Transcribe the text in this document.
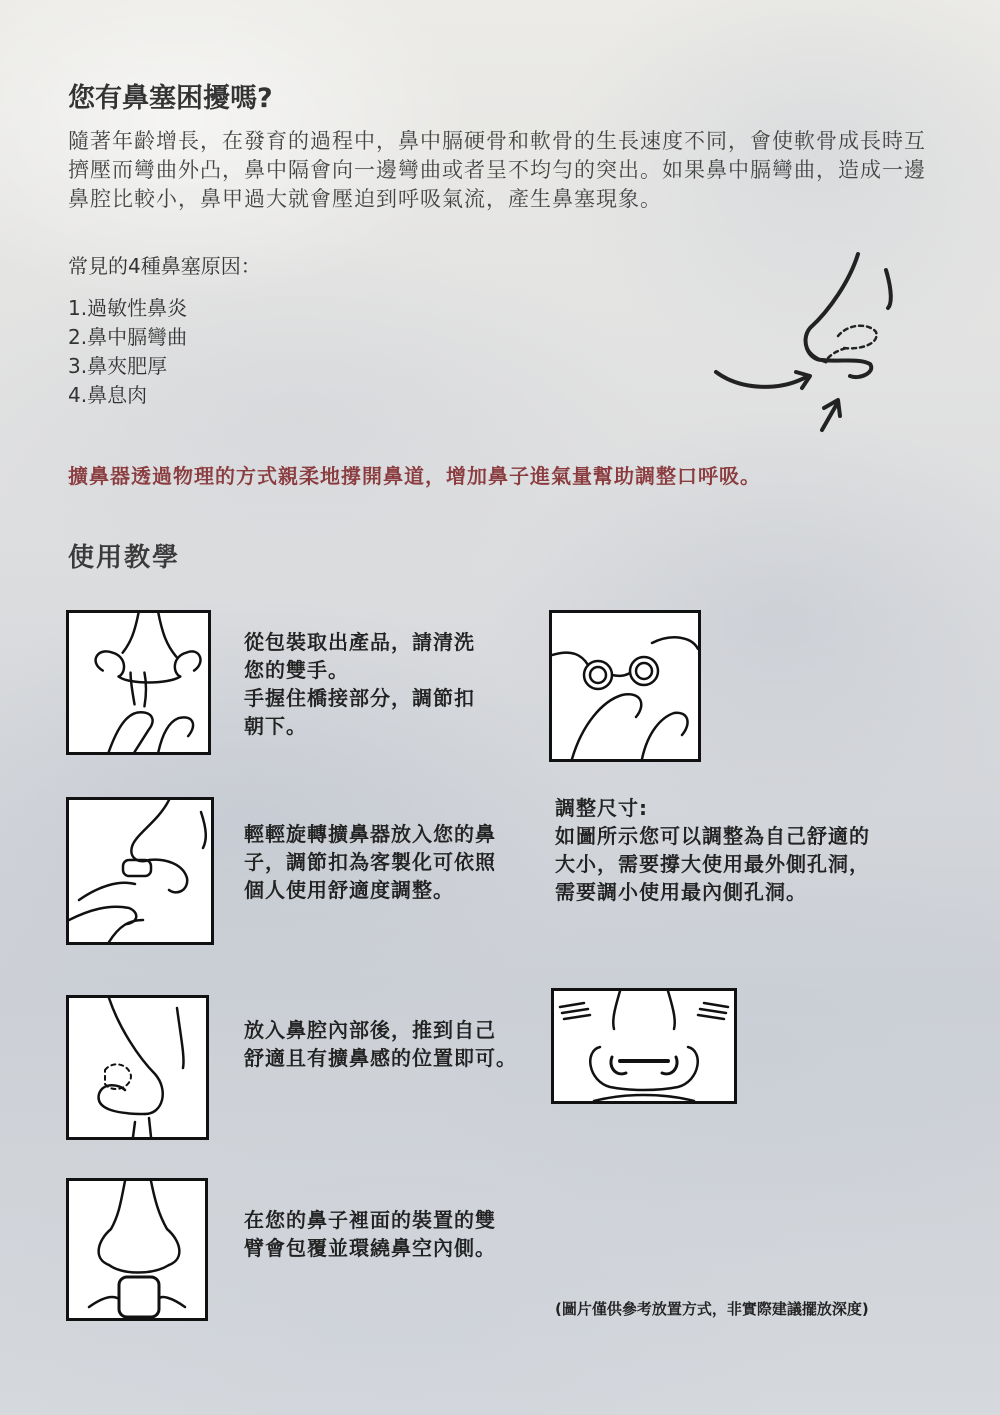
您有鼻塞困擾嗎?

隨著年齡增長，在發育的過程中，鼻中膈硬骨和軟骨的生長速度不同，會使軟骨成長時互擠壓而彎曲外凸，鼻中隔會向一邊彎曲或者呈不均勻的突出。如果鼻中膈彎曲，造成一邊鼻腔比較小，鼻甲過大就會壓迫到呼吸氣流，產生鼻塞現象。

常見的4種鼻塞原因：

1.過敏性鼻炎
2.鼻中膈彎曲
3.鼻夾肥厚
4.鼻息肉

擴鼻器透過物理的方式親柔地撐開鼻道，增加鼻子進氣量幫助調整口呼吸。

使用教學

從包裝取出產品，請清洗
您的雙手。
手握住橋接部分，調節扣
朝下。

輕輕旋轉擴鼻器放入您的鼻
子，調節扣為客製化可依照
個人使用舒適度調整。

調整尺寸:
如圖所示您可以調整為自己舒適的
大小，需要撐大使用最外側孔洞，
需要調小使用最內側孔洞。

放入鼻腔內部後，推到自己
舒適且有擴鼻感的位置即可。

在您的鼻子裡面的裝置的雙
臂會包覆並環繞鼻空內側。

(圖片僅供參考放置方式，非實際建議擺放深度)
